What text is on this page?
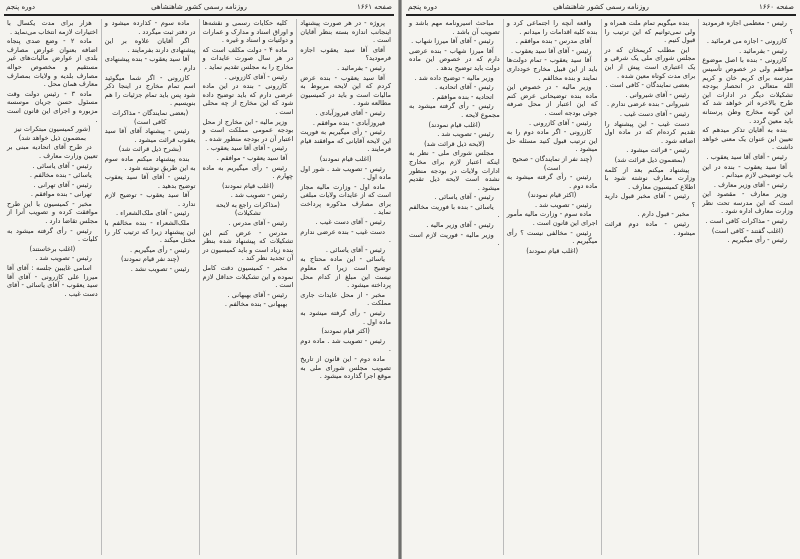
صفحه ۱۶۶۱
روزنامه رسمی کشور شاهنشاهی
دوره پنجم

پروژه - در هر صورت پیشنهاد اینجانب اندازه بسته بنظر آقایان است .

آقای آقا سید یعقوب اجازه فرمودید؟

رئیس - بفرمائید .

آقا سید یعقوب - بنده عرض کردم که این لایحه مربوط به مالیات است و باید در کمیسیون مطالعه شود .

رئیس - آقای فیروزآبادی .

فیروزآبادی - بنده موافقم .

رئیس - رأی میگیریم به فوریت این لایحه آقایانی که موافقند قیام فرمایند .

(اغلب قیام نمودند)

رئیس - تصویب شد . شور اول ماده اول .

ماده اول - وزارت مالیه مجاز است که از عایدات ولایات مبلغی برای مصارف مذکوره پرداخت نماید .

رئیس - آقای دست غیب .

دست غیب - بنده عرضی ندارم .

رئیس - آقای یاسائی .

یاسائی - این ماده محتاج به توضیح است زیرا که معلوم نیست این مبلغ از کدام محل پرداخته میشود .

مخبر - از محل عایدات جاری مملکت .

رئیس - رأی گرفته میشود به ماده اول .

(اکثر قیام نمودند)

رئیس - تصویب شد . ماده دوم .

ماده دوم - این قانون از تاریخ تصویب مجلس شورای ملی به موقع اجرا گذارده میشود .

کلیه حکایات رسمی و نقشه‌ها و اوراق اسناد و مدارک و عمارات و دولتیات و اسناد و غیره .

ماده ۴ - دولت مکلف است که در هر سال صورت عایدات و مخارج را به مجلس تقدیم نماید .

رئیس - آقای کازرونی .

کازرونی - بنده در این ماده عرضی دارم که باید توضیح داده شود که این مخارج از چه محلی است .

وزیر مالیه - این مخارج از محل بودجه عمومی مملکت است و اعتبار آن در بودجه منظور شده .

رئیس - آقای آقا سید یعقوب .

آقا سید یعقوب - موافقم .

رئیس - رأی میگیریم به ماده چهارم .

(اغلب قیام نمودند)

رئیس - تصویب شد .

(مذاکرات راجع به لایحه تشکیلات)

رئیس - آقای مدرس .

مدرس - عرض کنم این تشکیلات که پیشنهاد شده بنظر بنده زیاد است و باید کمیسیون در آن تجدید نظر کند .

مخبر - کمیسیون دقت کامل نموده و این تشکیلات حداقل لازم است .

رئیس - آقای بهبهانی .

بهبهانی - بنده مخالفم .

ماده سوم - کذارده میشود و در دفتر ثبت میگردد .

اگر آقایان علاوه بر این پیشنهادی دارند بفرمایند .

آقا سید یعقوب - بنده پیشنهادی دارم .

کازرونی - اگر شما میگوئید اسم تمام مخارج در اینجا ذکر شود پس باید تمام جزئیات را هم بنویسیم .

(بعضی نمایندگان - مذاکرات کافی است)

رئیس - پیشنهاد آقای آقا سید یعقوب قرائت میشود .

(بشرح ذیل قرائت شد)

بنده پیشنهاد میکنم ماده سوم به این طریق نوشته شود .

رئیس - آقای آقا سید یعقوب توضیح بدهید .

آقا سید یعقوب - توضیح لازم ندارد .

رئیس - آقای ملک‌الشعراء .

ملک‌الشعراء - بنده مخالفم با این پیشنهاد زیرا که ترتیب کار را مختل میکند .

رئیس - رأی میگیریم .

(چند نفر قیام نمودند)

رئیس - تصویب نشد .

هزار برای مدت یکسال با اختیارات لازمه انتخاب می‌نماید .

ماده ۲ - وضع صدی پنجاه اضافه بعنوان عوارض مصارف بلدی از عوارض مالیات‌های غیر مستقیم و مخصوص حواله مصارف بلدیه و ولایات بمصارف معارف همان محل .

ماده ۳ - رئیس دولت وقت مسئول حسن جریان موسسه مزبوره و اجرای این قانون است .

(شور کمیسیون مبتکرات نیز بمضمون ذیل خواهد شد)

در طرح آقای اتحادیه مبنی بر تعیین وزارت معارف .

رئیس - آقای یاسائی .

یاسائی - بنده مخالفم .

رئیس - آقای تهرانی .

تهرانی - بنده موافقم .

مخبر - کمیسیون با این طرح موافقت کرده و تصویب آنرا از مجلس تقاضا دارد .

رئیس - رأی گرفته میشود به کلیات .

(اغلب برخاستند)

رئیس - تصویب شد .

اسامی غایبین جلسه : آقای آقا میرزا علی کازرونی - آقای آقا سید یعقوب - آقای یاسائی - آقای دست غیب .

صفحه ۱۶۶۰
روزنامه رسمی کشور شاهنشاهی
دوره پنجم

رئیس - معظمی اجازه فرمودید ؟

کازرونی - اجازه می فرمائید .

رئیس - بفرمائید .

کازرونی - بنده با اصل موضوع موافقم ولی در خصوص تأسیس مدرسه برای کریم خان و کریم الله متعالی در انحصار بودجه تشکیلات دیگر در ادارات این طرح بالاخره اثر خواهد شد که این گونه مخارج وطن پرستانه باید معین گردد .

بنده به آقایان تذکر میدهم که تعیین این عنوان یک معنی خواهد داشت .

رئیس - آقای آقا سید یعقوب .

آقا سید یعقوب - بنده در این باب توضیحی لازم میدانم .

رئیس - آقای وزیر معارف .

وزیر معارف - مقصود این است که این مدرسه تحت نظر وزارت معارف اداره شود .

رئیس - مذاکرات کافی است .

(اغلب گفتند - کافی است)

رئیس - رأی میگیریم .

بنده میگویم تمام ملت همراه و ولی نمی‌توانیم که این ترتیب را قبول کنیم .

این مطلب کریمخان که در مجلس شورای ملی یک شرقی و یک اعتباری است پیش از این برای مدت کوتاه معین شده .

بعضی نمایندگان - کافی است .

رئیس - آقای شیروانی .

شیروانی - بنده عرضی ندارم .

رئیس - آقای دست غیب .

دست غیب - این پیشنهاد را تقدیم کرده‌ام که در ماده اول اضافه شود .

رئیس - قرائت میشود .

(بمضمون ذیل قرائت شد)

پیشنهاد میکنم بعد از کلمه وزارت معارف نوشته شود با اطلاع کمیسیون معارف .

رئیس - آقای مخبر قبول دارید ؟

مخبر - قبول دارم .

رئیس - ماده دوم قرائت میشود .

واقعه آنچه را اجتماعی کرد و بنده کلیه اقدامات را میدانم .

آقای مدرس - بنده موافقم .

رئیس - آقای آقا سید یعقوب .

آقا سید یعقوب - تمام دولت‌ها باید از این قبیل مخارج خودداری نمایند و بنده مخالفم .

وزیر مالیه - در خصوص این ماده بنده توضیحاتی عرض کنم که این اعتبار از محل صرفه جوئی بودجه است .

رئیس - آقای کازرونی .

کازرونی - اگر ماده دوم را به این ترتیب قبول کنید مسئله حل میشود .

(چند نفر از نمایندگان - صحیح است)

رئیس - رأی گرفته میشود به ماده دوم .

(اکثر قیام نمودند)

رئیس - تصویب شد .

ماده سوم - وزارت مالیه مأمور اجرای این قانون است .

رئیس - مخالفی نیست ؟ رأی میگیریم .

(اغلب قیام نمودند)

مباحث اسیرونامه مهم باشد و تصویب آن باشد .

رئیس - آقای آقا میرزا شهاب .

آقا میرزا شهاب - بنده عرضی دارم که در خصوص این ماده دولت باید توضیح بدهد .

وزیر مالیه - توضیح داده شد .

رئیس - آقای اتحادیه .

اتحادیه - بنده موافقم .

رئیس - رأی گرفته میشود به مجموع لایحه .

(اغلب قیام نمودند)

رئیس - تصویب شد .

(لایحه ذیل قرائت شد)

مجلس شورای ملی - نظر به اینکه اعتبار لازم برای مخارج ادارات ولایات در بودجه منظور نشده است لایحه ذیل تقدیم میشود .

رئیس - آقای یاسائی .

یاسائی - بنده با فوریت مخالفم .

رئیس - آقای وزیر مالیه .

وزیر مالیه - فوریت لازم است .
